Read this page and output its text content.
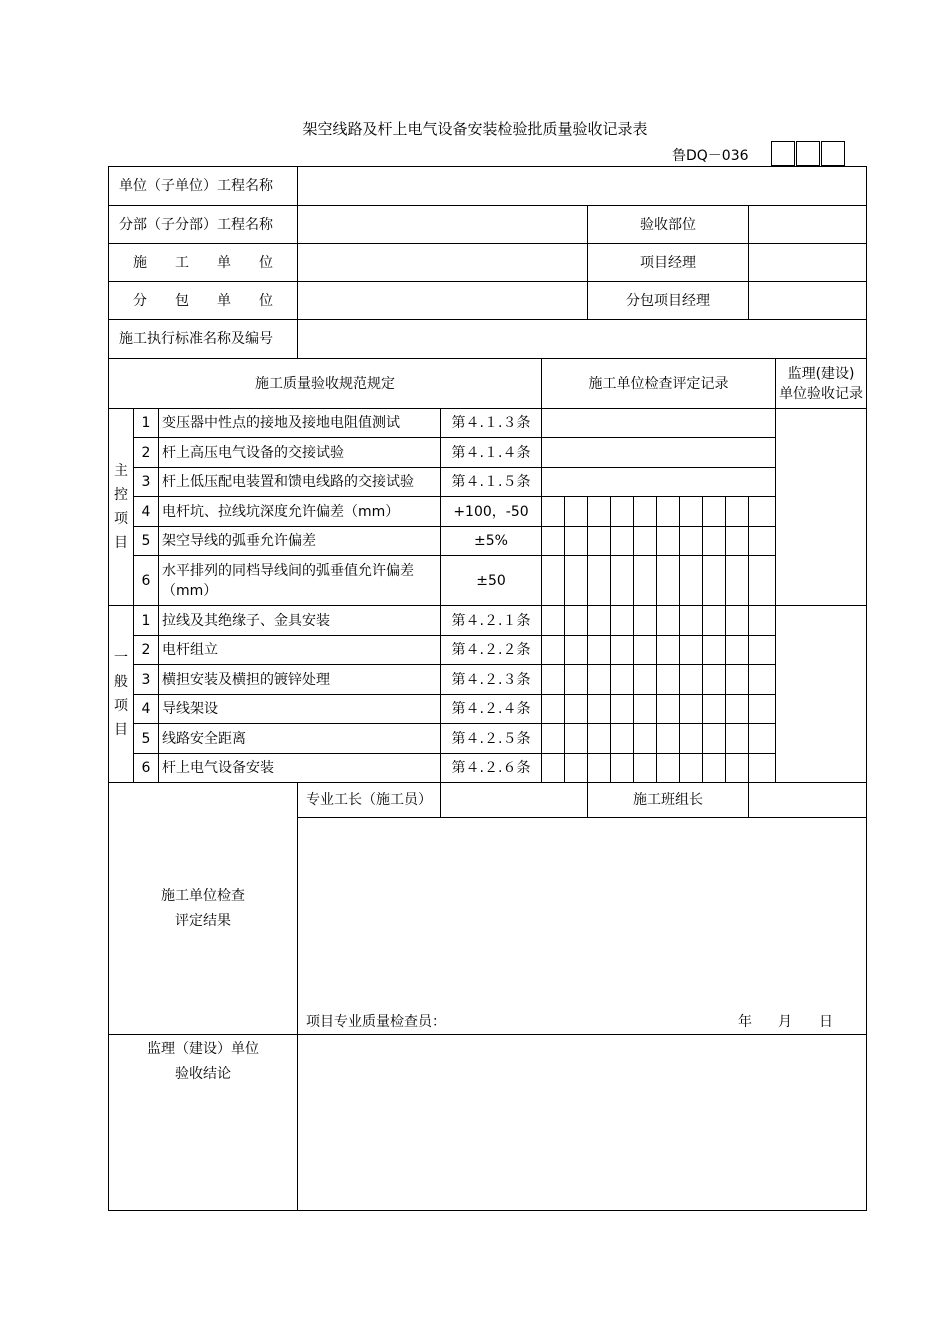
架空线路及杆上电气设备安装检验批质量验收记录表
鲁DQ－036
单位（子单位）工程名称															
分部（子分部）工程名称							验收部位								
施　　工　　单　　位							项目经理								
分　　包　　单　　位							分包项目经理								
施工执行标准名称及编号															
施工质量验收规范规定					施工单位检查评定记录										监理(建设)
单位验收记录

主
控
项
目	1	变压器中性点的接地及接地电阻值测试		第４.１.３条											
	2	杆上高压电气设备的交接试验		第４.１.４条											
	3	杆上低压配电装置和馈电线路的交接试验		第４.１.５条											
	4	电杆坑、拉线坑深度允许偏差（mm）		+100，-50											
	5	架空导线的弧垂允许偏差		±5%											
	6	水平排列的同档导线间的弧垂值允许偏差（mm）		±50											
一
般
项
目	1	拉线及其绝缘子、金具安装		第４.２.１条											
	2	电杆组立		第４.２.２条											
	3	横担安装及横担的镀锌处理		第４.２.３条											
	4	导线架设		第４.２.４条											
	5	线路安全距离		第４.２.５条											
	6	杆上电气设备安装		第４.２.６条											

施工单位检查
评定结果			专业工长（施工员）				施工班组长								

			项目专业质量检查员： 年 月 日												

监理（建设）单位
验收结论															
